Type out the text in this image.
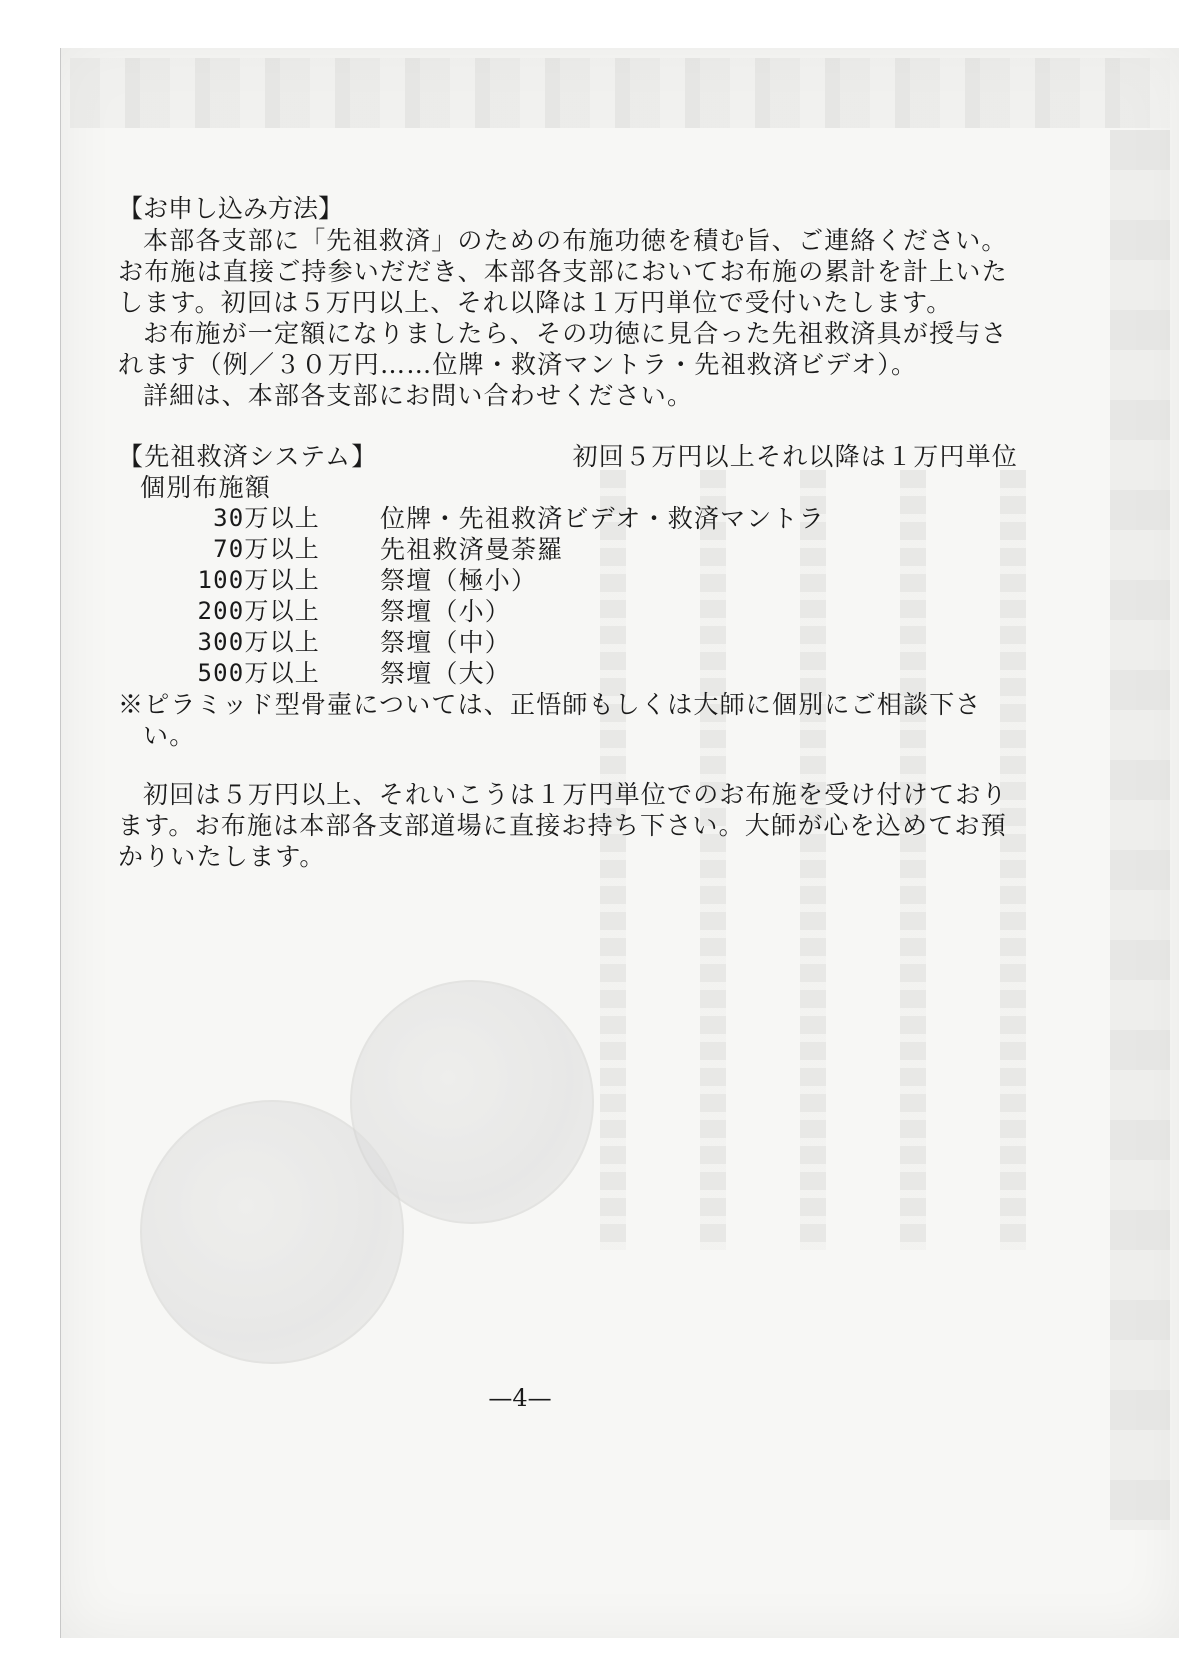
【お申し込み方法】

本部各支部に「先祖救済」のための布施功徳を積む旨、ご連絡ください。お布施は直接ご持参いだだき、本部各支部においてお布施の累計を計上いたします。初回は５万円以上、それ以降は１万円単位で受付いたします。

お布施が一定額になりましたら、その功徳に見合った先祖救済具が授与されます（例／３０万円……位牌・救済マントラ・先祖救済ビデオ）。

詳細は、本部各支部にお問い合わせください。

【先祖救済システム】	初回５万円以上それ以降は１万円単位
個別布施額
30万以上 位牌・先祖救済ビデオ・救済マントラ
70万以上 先祖救済曼荼羅
100万以上 祭壇（極小）
200万以上 祭壇（小）
300万以上 祭壇（中）
500万以上 祭壇（大）

※ピラミッド型骨壷については、正悟師もしくは大師に個別にご相談下さい。

初回は５万円以上、それいこうは１万円単位でのお布施を受け付けております。お布施は本部各支部道場に直接お持ち下さい。大師が心を込めてお預かりいたします。

—4—
